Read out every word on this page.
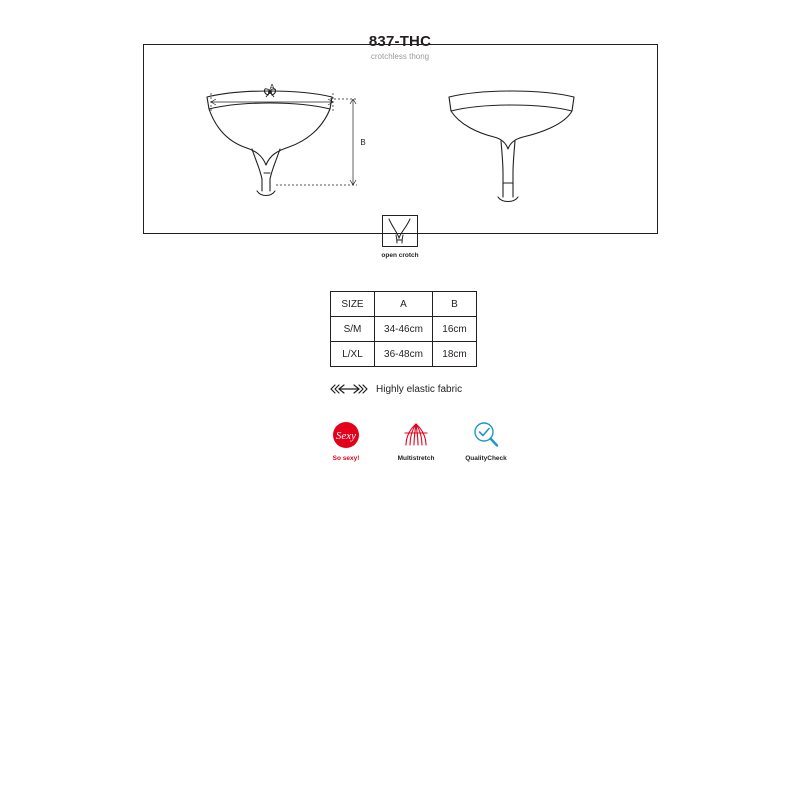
837-THC
crotchless thong
A
B
open crotch
SIZE	A	B
S/M	34-46cm	16cm
L/XL	36-48cm	18cm
Highly elastic fabric
Sexy
So sexy!	Multistretch	QualityCheck
